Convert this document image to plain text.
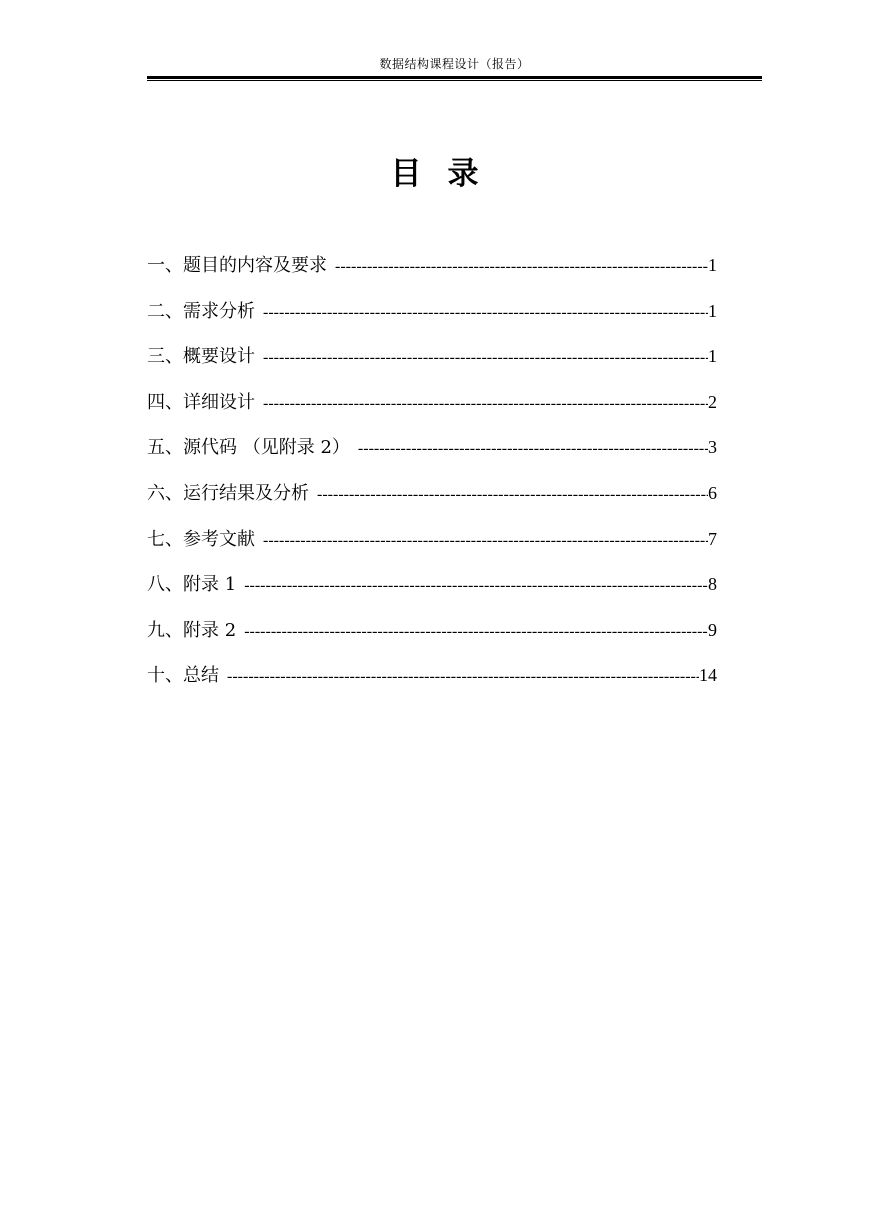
数据结构课程设计（报告）
目录
一、题目的内容及要求 -----	1
二、需求分析 -----	1
三、概要设计 -----	1
四、详细设计 -----	2
五、源代码 （见附录 2） -----	3
六、运行结果及分析 -----	6
七、参考文献 -----	7
八、附录 1 -----	8
九、附录 2 -----	9
十、总结 -----	14
